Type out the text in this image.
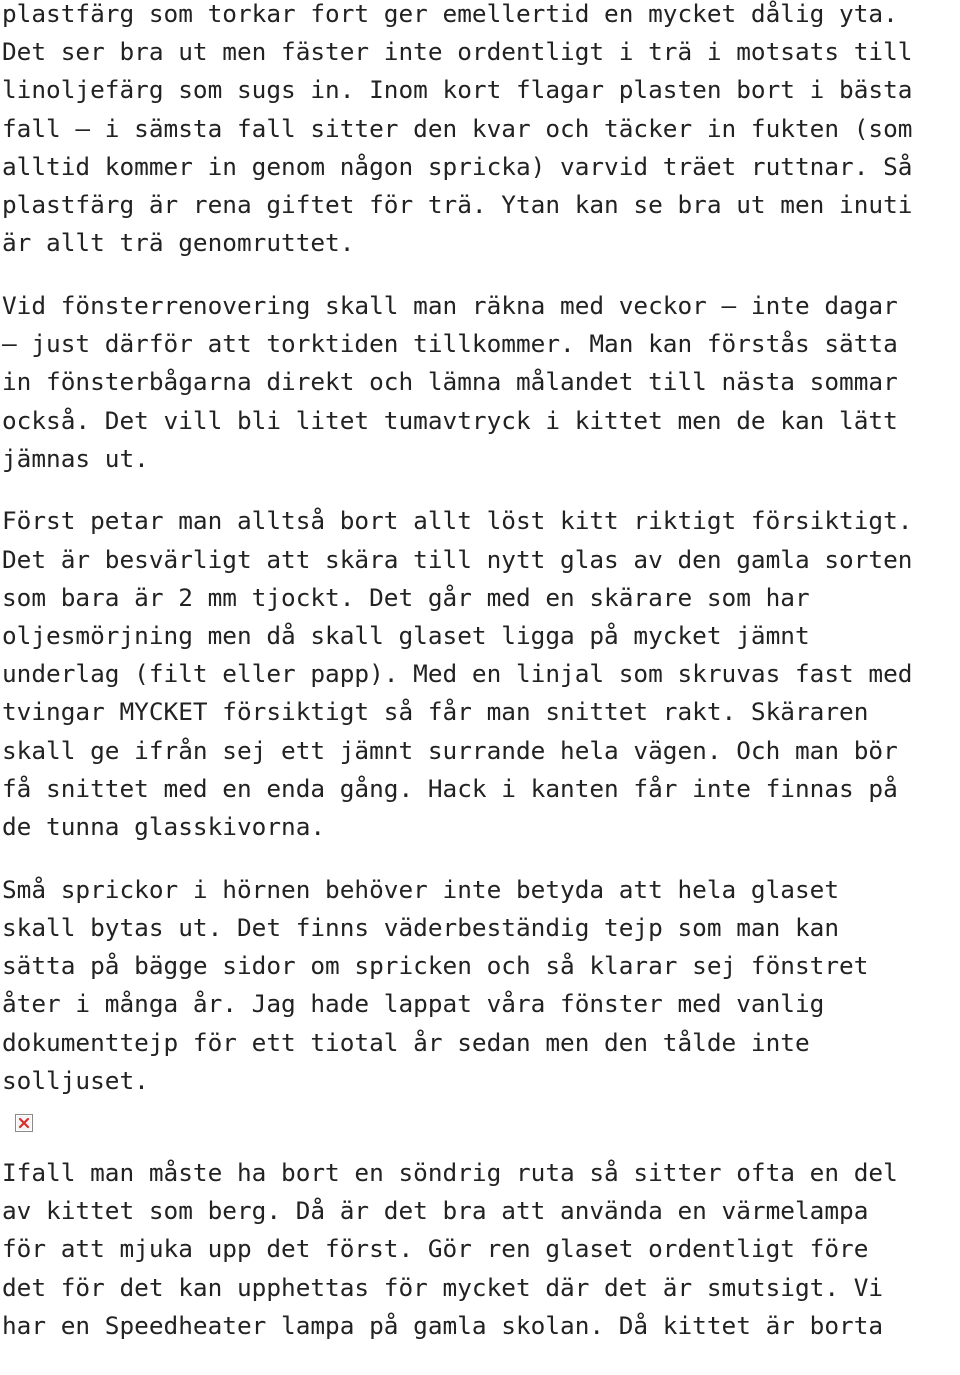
plastfärg som torkar fort ger emellertid en mycket dålig yta.
Det ser bra ut men fäster inte ordentligt i trä i motsats till
linoljefärg som sugs in. Inom kort flagar plasten bort i bästa
fall – i sämsta fall sitter den kvar och täcker in fukten (som
alltid kommer in genom någon spricka) varvid träet ruttnar. Så
plastfärg är rena giftet för trä. Ytan kan se bra ut men inuti
är allt trä genomruttet.

Vid fönsterrenovering skall man räkna med veckor – inte dagar
– just därför att torktiden tillkommer. Man kan förstås sätta
in fönsterbågarna direkt och lämna målandet till nästa sommar
också. Det vill bli litet tumavtryck i kittet men de kan lätt
jämnas ut.

Först petar man alltså bort allt löst kitt riktigt försiktigt.
Det är besvärligt att skära till nytt glas av den gamla sorten
som bara är 2 mm tjockt. Det går med en skärare som har
oljesmörjning men då skall glaset ligga på mycket jämnt
underlag (filt eller papp). Med en linjal som skruvas fast med
tvingar MYCKET försiktigt så får man snittet rakt. Skäraren
skall ge ifrån sej ett jämnt surrande hela vägen. Och man bör
få snittet med en enda gång. Hack i kanten får inte finnas på
de tunna glasskivorna.

Små sprickor i hörnen behöver inte betyda att hela glaset
skall bytas ut. Det finns väderbeständig tejp som man kan
sätta på bägge sidor om spricken och så klarar sej fönstret
åter i många år. Jag hade lappat våra fönster med vanlig
dokumenttejp för ett tiotal år sedan men den tålde inte
solljuset.

Ifall man måste ha bort en söndrig ruta så sitter ofta en del
av kittet som berg. Då är det bra att använda en värmelampa
för att mjuka upp det först. Gör ren glaset ordentligt före
det för det kan upphettas för mycket där det är smutsigt. Vi
har en Speedheater lampa på gamla skolan. Då kittet är borta
